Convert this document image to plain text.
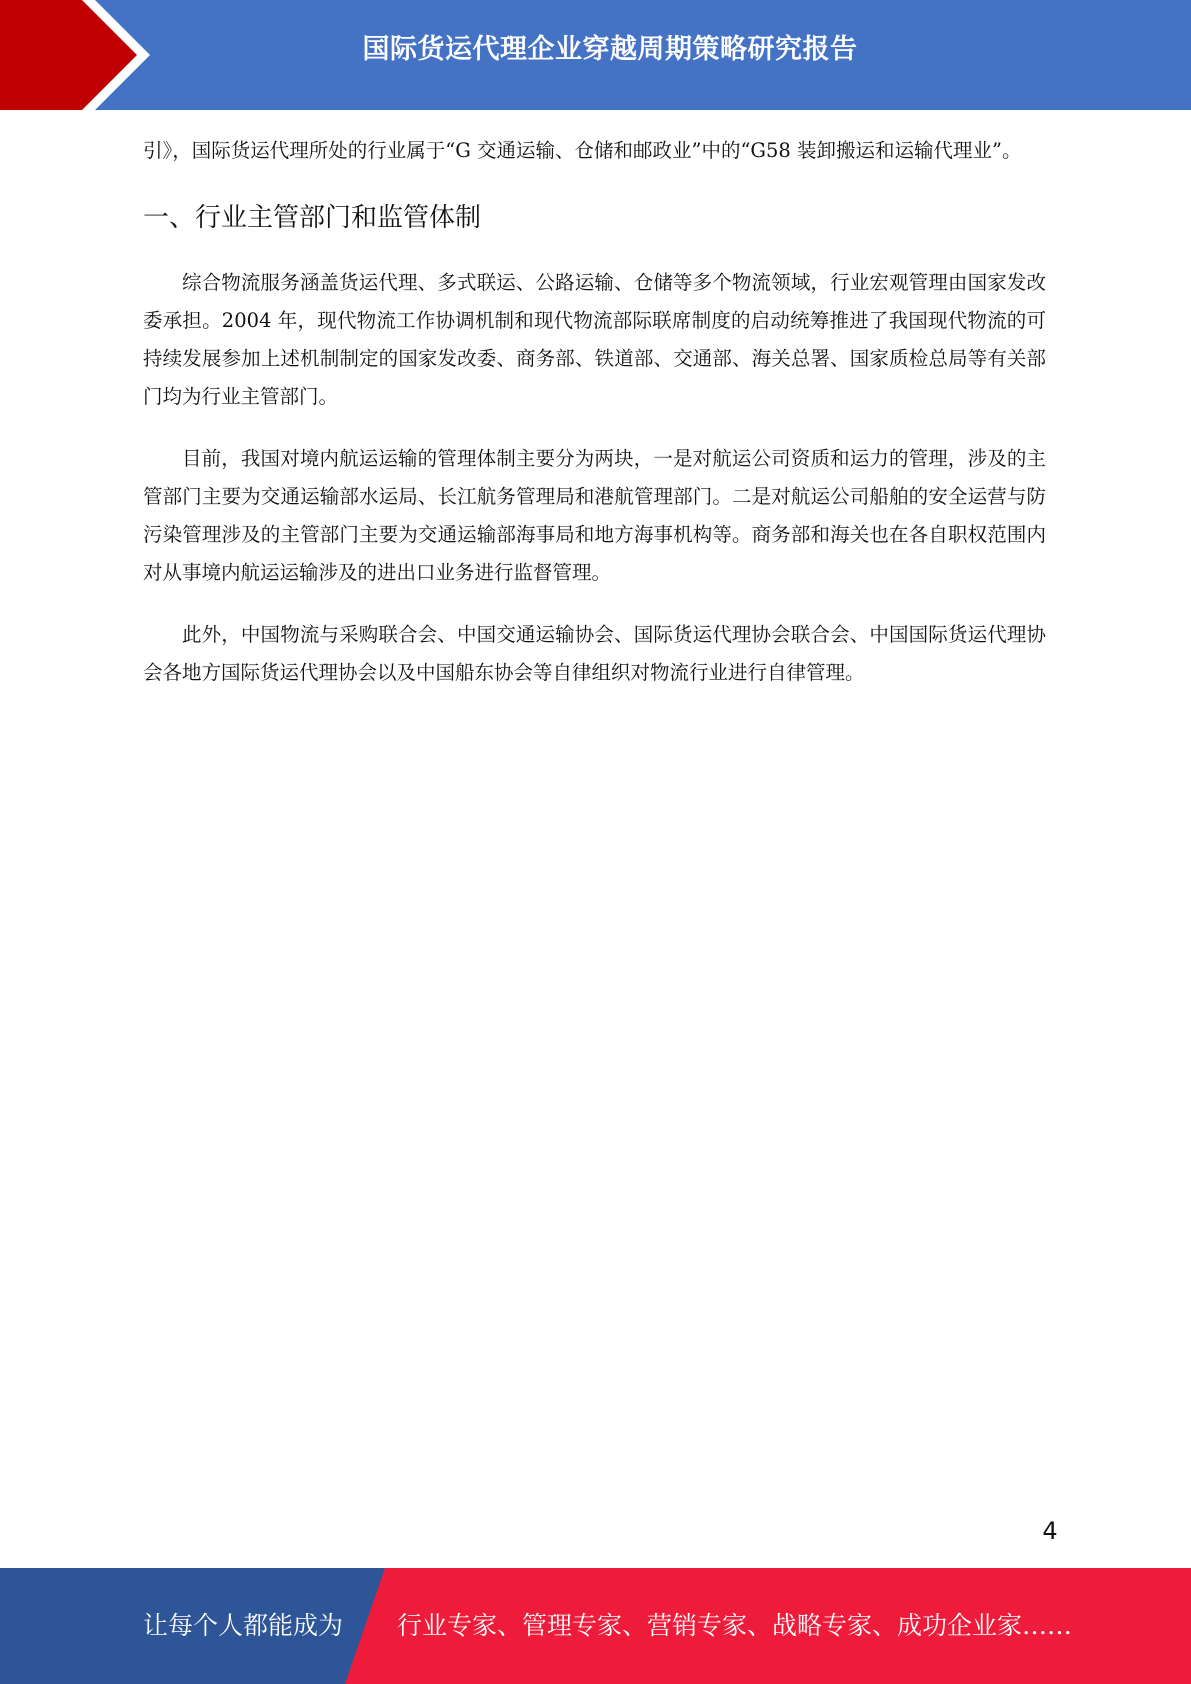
国际货运代理企业穿越周期策略研究报告

引》，国际货运代理所处的行业属于“G 交通运输、仓储和邮政业”中的“G58 装卸搬运和运输代理业”。

一、行业主管部门和监管体制

综合物流服务涵盖货运代理、多式联运、公路运输、仓储等多个物流领域，行业宏观管理由国家发改委承担。2004 年，现代物流工作协调机制和现代物流部际联席制度的启动统筹推进了我国现代物流的可持续发展参加上述机制制定的国家发改委、商务部、铁道部、交通部、海关总署、国家质检总局等有关部门均为行业主管部门。

目前，我国对境内航运运输的管理体制主要分为两块，一是对航运公司资质和运力的管理，涉及的主管部门主要为交通运输部水运局、长江航务管理局和港航管理部门。二是对航运公司船舶的安全运营与防污染管理涉及的主管部门主要为交通运输部海事局和地方海事机构等。商务部和海关也在各自职权范围内对从事境内航运运输涉及的进出口业务进行监督管理。

此外，中国物流与采购联合会、中国交通运输协会、国际货运代理协会联合会、中国国际货运代理协会各地方国际货运代理协会以及中国船东协会等自律组织对物流行业进行自律管理。

4
让每个人都能成为 行业专家、管理专家、营销专家、战略专家、成功企业家……
